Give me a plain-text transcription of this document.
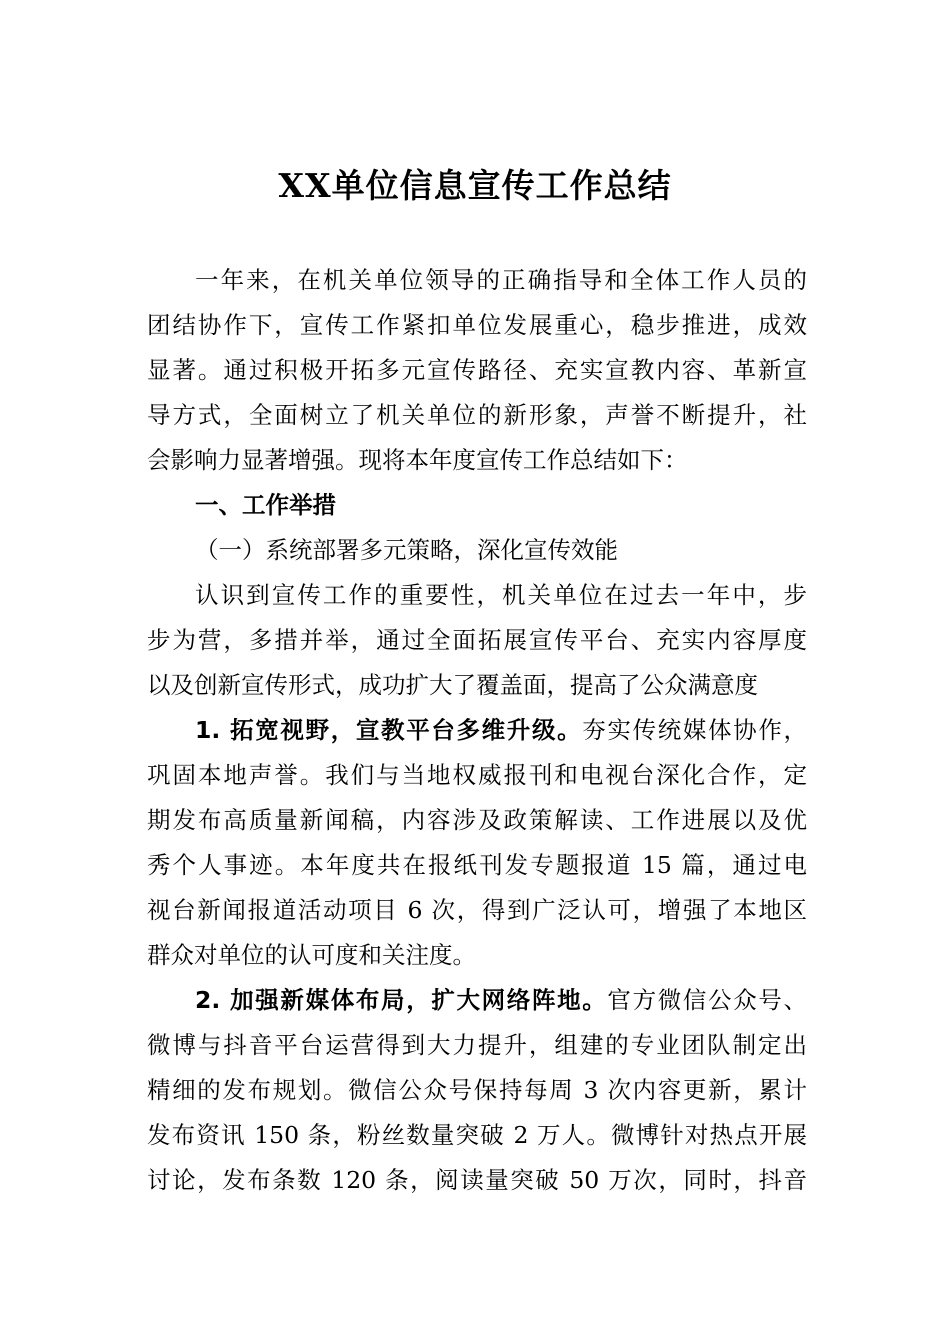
XX单位信息宣传工作总结
一年来，在机关单位领导的正确指导和全体工作人员的
团结协作下，宣传工作紧扣单位发展重心，稳步推进，成效
显著。通过积极开拓多元宣传路径、充实宣教内容、革新宣
导方式，全面树立了机关单位的新形象，声誉不断提升，社
会影响力显著增强。现将本年度宣传工作总结如下：
一、工作举措
（一）系统部署多元策略，深化宣传效能
认识到宣传工作的重要性，机关单位在过去一年中，步
步为营，多措并举，通过全面拓展宣传平台、充实内容厚度
以及创新宣传形式，成功扩大了覆盖面，提高了公众满意度
1. 拓宽视野，宣教平台多维升级。夯实传统媒体协作，
巩固本地声誉。我们与当地权威报刊和电视台深化合作，定
期发布高质量新闻稿，内容涉及政策解读、工作进展以及优
秀个人事迹。本年度共在报纸刊发专题报道 15 篇，通过电
视台新闻报道活动项目 6 次，得到广泛认可，增强了本地区
群众对单位的认可度和关注度。
2. 加强新媒体布局，扩大网络阵地。官方微信公众号、
微博与抖音平台运营得到大力提升，组建的专业团队制定出
精细的发布规划。微信公众号保持每周 3 次内容更新，累计
发布资讯 150 条，粉丝数量突破 2 万人。微博针对热点开展
讨论，发布条数 120 条，阅读量突破 50 万次，同时，抖音
